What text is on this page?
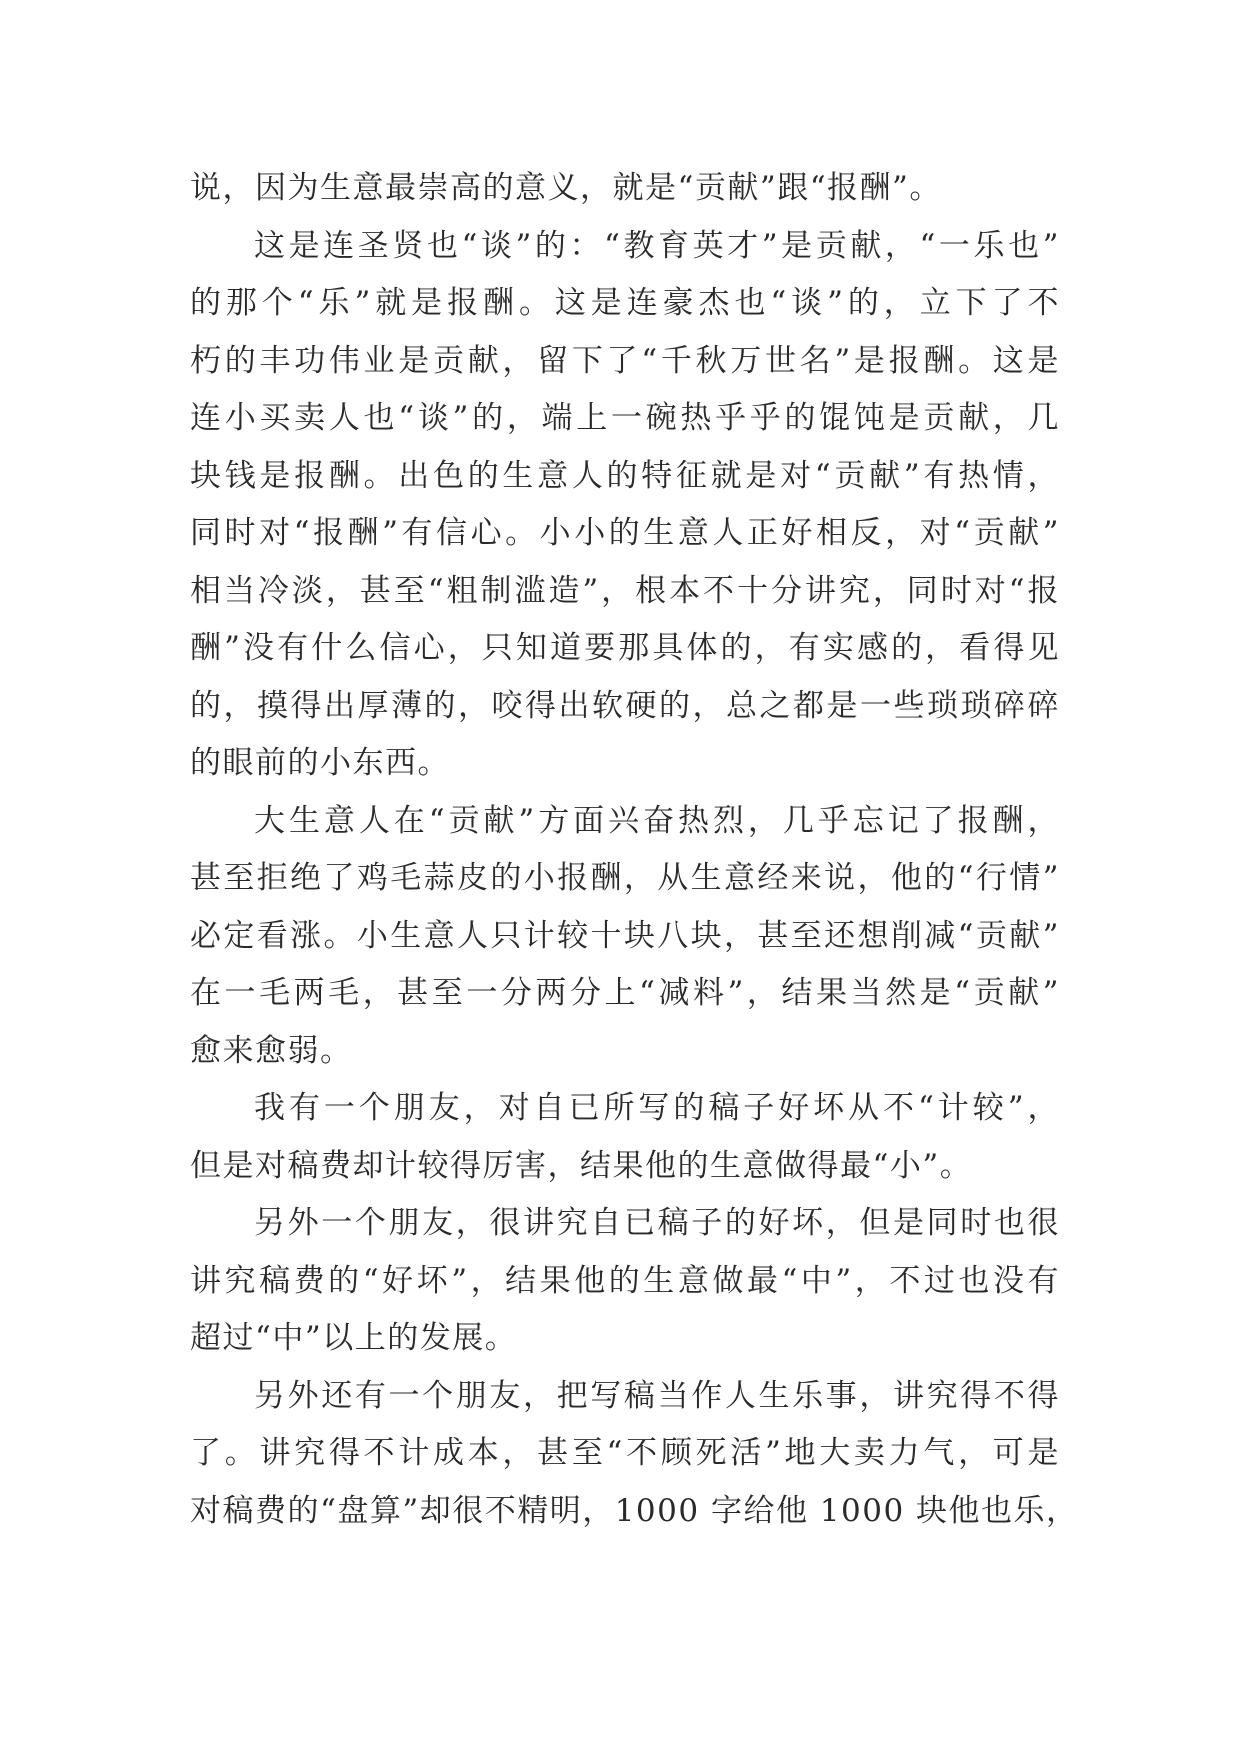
说，因为生意最崇高的意义，就是“贡献”跟“报酬”。
这是连圣贤也“谈”的：“教育英才”是贡献，“一乐也”
的那个“乐”就是报酬。这是连豪杰也“谈”的，立下了不
朽的丰功伟业是贡献，留下了“千秋万世名”是报酬。这是
连小买卖人也“谈”的，端上一碗热乎乎的馄饨是贡献，几
块钱是报酬。出色的生意人的特征就是对“贡献”有热情，
同时对“报酬”有信心。小小的生意人正好相反，对“贡献”
相当冷淡，甚至“粗制滥造”，根本不十分讲究，同时对“报
酬”没有什么信心，只知道要那具体的，有实感的，看得见
的，摸得出厚薄的，咬得出软硬的，总之都是一些琐琐碎碎
的眼前的小东西。
大生意人在“贡献”方面兴奋热烈，几乎忘记了报酬，
甚至拒绝了鸡毛蒜皮的小报酬，从生意经来说，他的“行情”
必定看涨。小生意人只计较十块八块，甚至还想削减“贡献”
在一毛两毛，甚至一分两分上“减料”，结果当然是“贡献”
愈来愈弱。
我有一个朋友，对自已所写的稿子好坏从不“计较”，
但是对稿费却计较得厉害，结果他的生意做得最“小”。
另外一个朋友，很讲究自已稿子的好坏，但是同时也很
讲究稿费的“好坏”，结果他的生意做最“中”，不过也没有
超过“中”以上的发展。
另外还有一个朋友，把写稿当作人生乐事，讲究得不得
了。讲究得不计成本，甚至“不顾死活”地大卖力气，可是
对稿费的“盘算”却很不精明，1000 字给他 1000 块他也乐，
